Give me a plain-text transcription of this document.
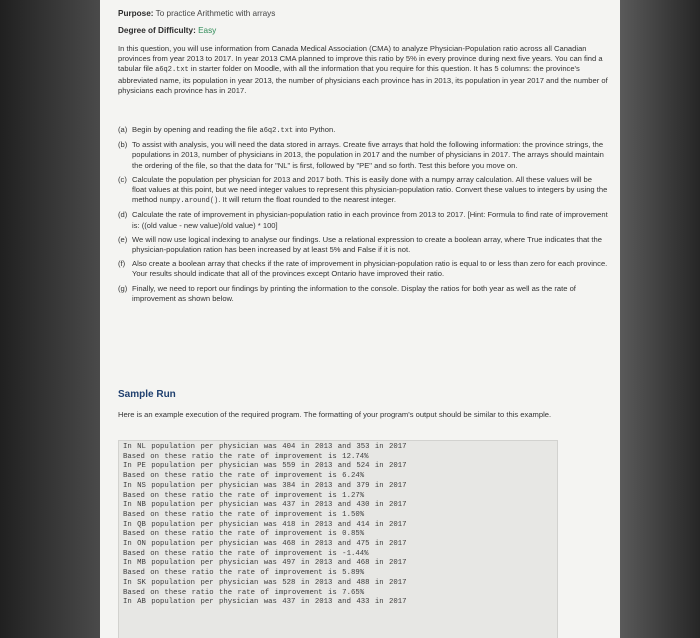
Purpose: To practice Arithmetic with arrays
Degree of Difficulty: Easy

In this question, you will use information from Canada Medical Association (CMA) to analyze Physician-Population ratio across all Canadian provinces from year 2013 to 2017. In year 2013 CMA planned to improve this ratio by 5% in every province during next five years. You can find a tabular file a6q2.txt in starter folder on Moodle, with all the information that you require for this question. It has 5 columns: the province's abbreviated name, its population in year 2013, the number of physicians each province has in 2013, its population in year 2017 and the number of physicians each province has in 2017.

(a) Begin by opening and reading the file a6q2.txt into Python.
(b) To assist with analysis, you will need the data stored in arrays. Create five arrays that hold the following information: the province strings, the populations in 2013, number of physicians in 2013, the population in 2017 and the number of physicians in 2017. The arrays should maintain the ordering of the file, so that the data for "NL" is first, followed by "PE" and so forth. Test this before you move on.
(c) Calculate the population per physician for 2013 and 2017 both. This is easily done with a numpy array calculation. All these values will be float values at this point, but we need integer values to represent this physician-population ratio. Convert these values to integers by using the method numpy.around(). It will return the float rounded to the nearest integer.
(d) Calculate the rate of improvement in physician-population ratio in each province from 2013 to 2017. [Hint: Formula to find rate of improvement is: ((old value - new value)/old value) * 100]
(e) We will now use logical indexing to analyse our findings. Use a relational expression to create a boolean array, where True indicates that the physician-population ration has been increased by at least 5% and False if it is not.
(f) Also create a boolean array that checks if the rate of improvement in physician-population ratio is equal to or less than zero for each province. Your results should indicate that all of the provinces except Ontario have improved their ratio.
(g) Finally, we need to report our findings by printing the information to the console. Display the ratios for both year as well as the rate of improvement as shown below.
Sample Run

Here is an example execution of the required program. The formatting of your program's output should be similar to this example.

In NL population per physician was 404 in 2013 and 353 in 2017
Based on these ratio the rate of improvement is 12.74%
In PE population per physician was 559 in 2013 and 524 in 2017
Based on these ratio the rate of improvement is 6.24%
In NS population per physician was 384 in 2013 and 379 in 2017
Based on these ratio the rate of improvement is 1.27%
In NB population per physician was 437 in 2013 and 430 in 2017
Based on these ratio the rate of improvement is 1.50%
In QB population per physician was 418 in 2013 and 414 in 2017
Based on these ratio the rate of improvement is 0.85%
In ON population per physician was 468 in 2013 and 475 in 2017
Based on these ratio the rate of improvement is -1.44%
In MB population per physician was 497 in 2013 and 468 in 2017
Based on these ratio the rate of improvement is 5.89%
In SK population per physician was 528 in 2013 and 488 in 2017
Based on these ratio the rate of improvement is 7.65%
In AB population per physician was 437 in 2013 and 433 in 2017
